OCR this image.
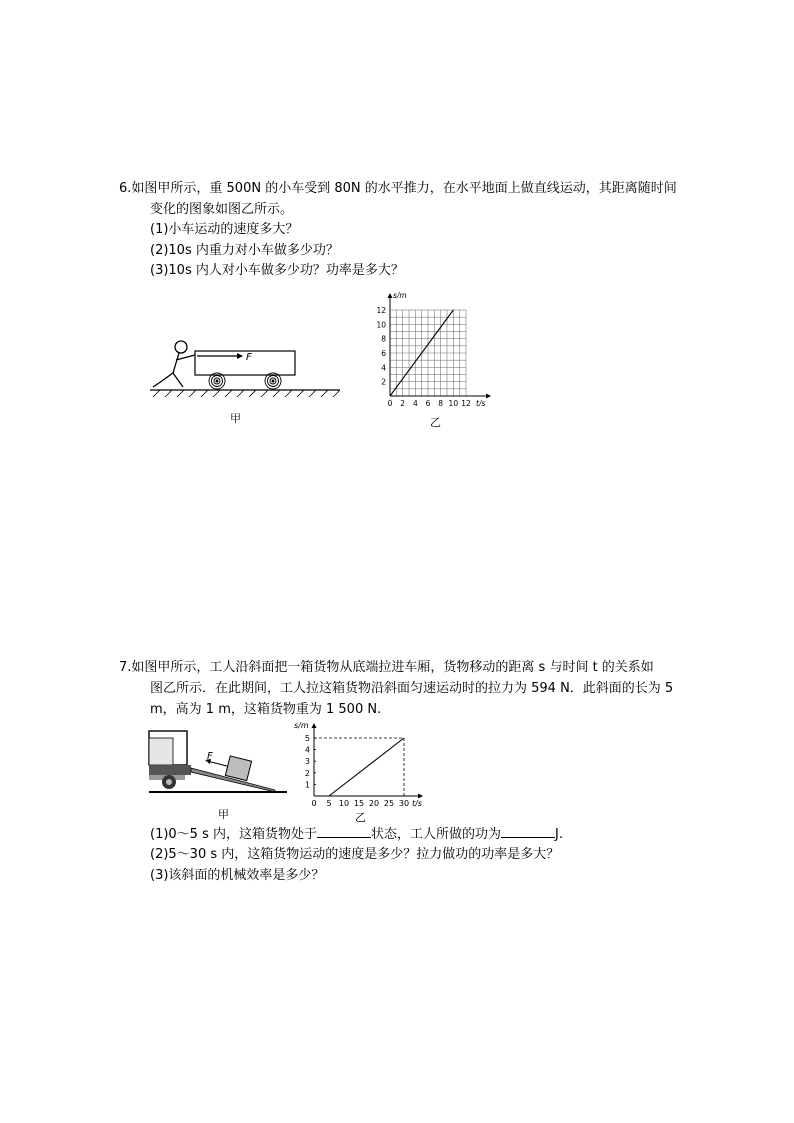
6.如图甲所示，重 500N 的小车受到 80N 的水平推力，在水平地面上做直线运动，其距离随时间
变化的图象如图乙所示。
(1)小车运动的速度多大？
(2)10s 内重力对小车做多少功？
(3)10s 内人对小车做多少功？功率是多大？
F
甲
0 2 4 6 8 10 12
2
4
6
8
10
12
t/s
s/m
乙
7.如图甲所示，工人沿斜面把一箱货物从底端拉进车厢，货物移动的距离 s 与时间 t 的关系如
图乙所示．在此期间，工人拉这箱货物沿斜面匀速运动时的拉力为 594 N．此斜面的长为 5
m，高为 1 m，这箱货物重为 1 500 N.
F
甲
0 5 10 15 20 25 30
1
2
3
4
5
t/s
s/m
乙
(1)0～5 s 内，这箱货物处于	状态，工人所做的功为	J.
(2)5～30 s 内，这箱货物运动的速度是多少？拉力做功的功率是多大？
(3)该斜面的机械效率是多少？
